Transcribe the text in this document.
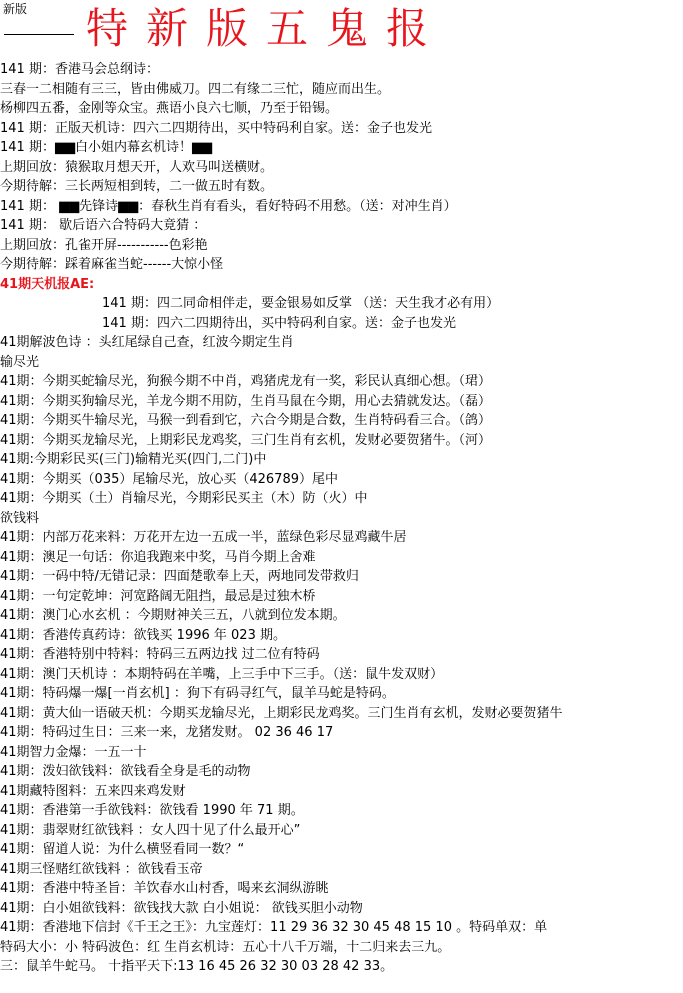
新版 特新版五鬼报
141 期：香港马会总纲诗：
三春一二相随有三三，皆由佛威刀。四二有缘二三忙，随应而出生。
杨柳四五番，金刚等众宝。燕语小良六七顺，乃至于铅锡。
141 期：正版天机诗：四六二四期待出，买中特码利自家。送：金子也发光
141 期：▆▆白小姐内幕玄机诗！▆▆
上期回放：猿猴取月想天开，人欢马叫送横财。
今期待解：三长两短相到转，二一做五时有数。
141 期： ▆▆先锋诗▆▆：春秋生肖有看头，看好特码不用愁。（送：对冲生肖）
141 期： 歇后语六合特码大竟猜 ：
上期回放：孔雀开屏-----------色彩艳
今期待解：踩着麻雀当蛇------大惊小怪
41期天机报AE:
141 期：四二同命相伴走，要金银易如反掌 （送：天生我才必有用）
141 期：四六二四期待出，买中特码利自家。送：金子也发光
41期解波色诗 ：头红尾绿自己查，红波今期定生肖
输尽光
41期：今期买蛇输尽光，狗猴今期不中肖，鸡猪虎龙有一奖，彩民认真细心想。（珺）
41期：今期买狗输尽光，羊龙今期不用防，生肖马鼠在今期，用心去猜就发达。（磊）
41期：今期买牛输尽光，马猴一到看到它，六合今期是合数，生肖特码看三合。（鸽）
41期：今期买龙输尽光，上期彩民龙鸡奖，三门生肖有玄机，发财必要贺猪牛。（河）
41期:今期彩民买(三门)输精光买(四门,二门)中
41期：今期买（035）尾输尽光，放心买（426789）尾中
41期：今期买（土）肖输尽光，今期彩民买主（木）防（火）中
欲钱料
41期：内部万花来料：万花开左边一五成一半，蓝绿色彩尽显鸡藏牛居
41期：澳足一句话：你追我跑来中奖，马肖今期上舍难
41期：一码中特/无错记录：四面楚歌奉上天，两地同发带救归
41期：一句定乾坤：河宽路阔无阻挡，最忌是过独木桥
41期：澳门心水玄机 ：今期财神关三五，八就到位发本期。
41期：香港传真药诗：欲钱买 1996 年 023 期。
41期：香港特别中特料：特码三五两边找 过二位有特码
41期：澳门天机诗 ：本期特码在羊嘴，上三手中下三手。（送：鼠牛发双财）
41期：特码爆一爆[一肖玄机] ：狗下有码寻红气，鼠羊马蛇是特码。
41期：黄大仙一语破天机：今期买龙输尽光，上期彩民龙鸡奖。三门生肖有玄机，发财必要贺猪牛
41期：特码过生日：三来一来，龙猪发财。 02 36 46 17
41期智力金爆：一五一十
41期：泼妇欲钱料：欲钱看全身是毛的动物
41期藏特图料：五来四来鸡发财
41期：香港第一手欲钱料：欲钱看 1990 年 71 期。
41期：翡翠财红欲钱料 ：女人四十见了什么最开心”
41期：留道人说：为什么横竖看同一数？“
41期三怪赌红欲钱料 ：欲钱看玉帝
41期：香港中特圣旨：羊饮春水山村香，喝来玄洞纵游眺
41期：白小姐欲钱料：欲钱找大款 白小姐说： 欲钱买胆小动物
41期：香港地下信封《千王之王》：九宝莲灯：11 29 36 32 30 45 48 15 10 。特码单双：单
特码大小：小 特码波色：红 生肖玄机诗：五心十八千万端，十二归来去三九。
三：鼠羊牛蛇马。 十指平天下:13 16 45 26 32 30 03 28 42 33。
